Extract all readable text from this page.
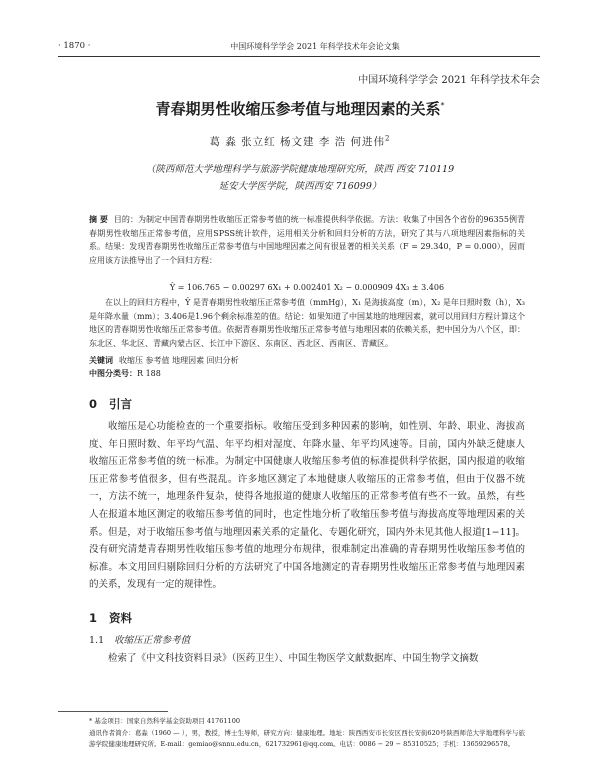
· 1870 ·	中国环境科学学会 2021 年科学技术年会论文集
中国环境科学学会 2021 年科学技术年会
青春期男性收缩压参考值与地理因素的关系*
葛 淼 张立红 杨文建 李 浩 何进伟$^2$
（陕西师范大学地理科学与旅游学院健康地理研究所，陕西 西安 710119
延安大学医学院，陕西西安 716099）
摘 要 目的：为制定中国青春期男性收缩压正常参考值的统一标准提供科学依据。方法：收集了中国各个省份的96355例青春期男性收缩压正常参考值，应用SPSS统计软件，运用相关分析和回归分析的方法，研究了其与八项地理因素指标的关系。结果：发现青春期男性收缩压正常参考值与中国地理因素之间有很显著的相关关系（F = 29.340，P = 0.000），因而应用该方法推导出了一个回归方程：
Ŷ = 106.765 − 0.00297 6X₁ + 0.002401 X₂ − 0.000909 4X₃ ± 3.406
在以上的回归方程中，Ŷ 是青春期男性收缩压正常参考值（mmHg），X₁ 是海拔高度（m），X₂ 是年日照时数（h），X₃ 是年降水量（mm）；3.406是1.96个剩余标准差的值。结论：如果知道了中国某地的地理因素，就可以用回归方程计算这个地区的青春期男性收缩压正常参考值。依据青春期男性收缩压正常参考值与地理因素的依赖关系，把中国分为八个区，即：东北区、华北区、青藏内蒙古区、长江中下游区、东南区、西北区、西南区、青藏区。
关键词 收缩压 参考值 地理因素 回归分析
中图分类号：R 188
0 引言
收缩压是心功能检查的一个重要指标。收缩压受到多种因素的影响，如性别、年龄、职业、海拔高度、年日照时数、年平均气温、年平均相对湿度、年降水量、年平均风速等。目前，国内外缺乏健康人收缩压正常参考值的统一标准。为制定中国健康人收缩压参考值的标准提供科学依据，国内报道的收缩压正常参考值很多，但有些混乱。许多地区测定了本地健康人收缩压的正常参考值，但由于仪器不统一，方法不统一，地理条件复杂，使得各地报道的健康人收缩压的正常参考值有些不一致。虽然，有些人在报道本地区测定的收缩压参考值的同时，也定性地分析了收缩压参考值与海拔高度等地理因素的关系。但是，对于收缩压参考值与地理因素关系的定量化、专题化研究，国内外未见其他人报道[1−11]。没有研究清楚青春期男性收缩压参考值的地理分布规律，很难制定出准确的青春期男性收缩压参考值的标准。本文用回归剔除回归分析的方法研究了中国各地测定的青春期男性收缩压正常参考值与地理因素的关系，发现有一定的规律性。
1 资料
1.1 收缩压正常参考值
检索了《中文科技资料目录》（医药卫生）、中国生物医学文献数据库、中国生物学文摘数
* 基金项目：国家自然科学基金资助项目 41761100
通讯作者简介：葛淼（1960 — ），男，教授，博士生导师，研究方向：健康地理。地址：陕西西安市长安区西长安街620号陕西师范大学地理科学与旅游学院健康地理研究所。E-mail：gemiao@snnu.edu.cn，621732961@qq.com。电话：0086 − 29 − 85310525；手机：13659296578。
